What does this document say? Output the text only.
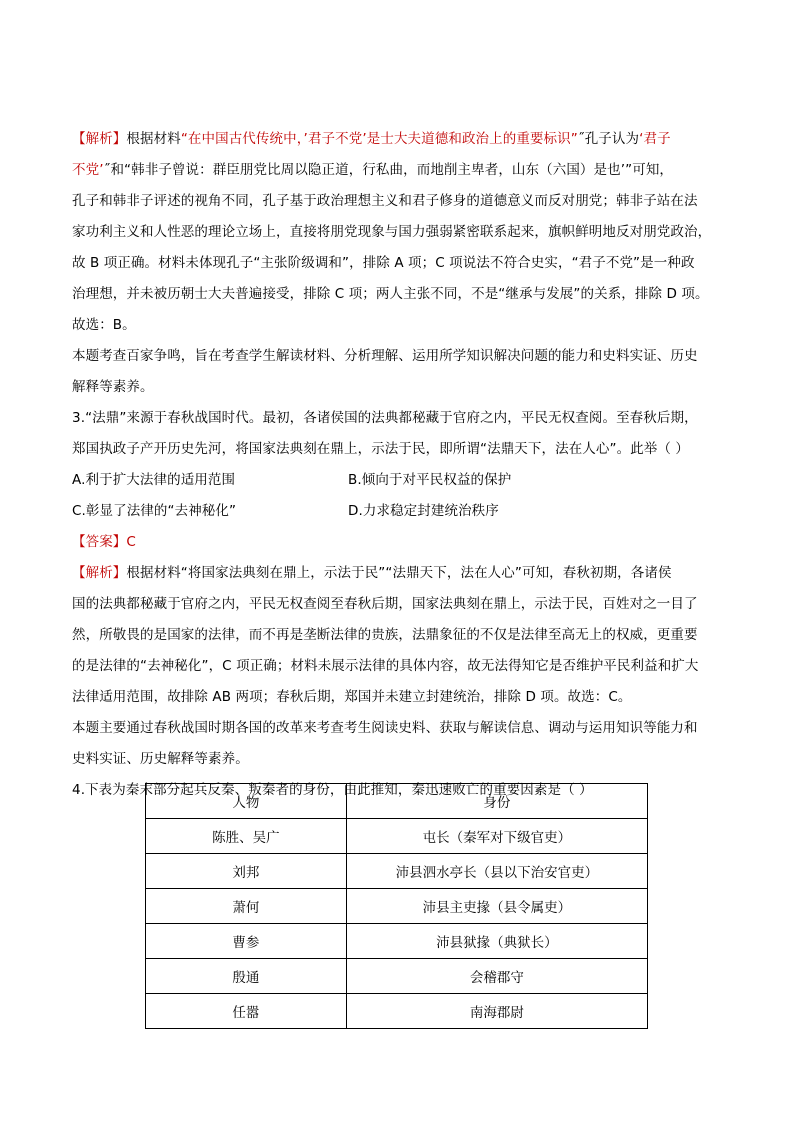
【解析】根据材料“在中国古代传统中，’君子不党’是士大夫道德和政治上的重要标识”˝孔子认为‘君子
不党’˝和“韩非子曾说：群臣朋党比周以隐正道，行私曲，而地削主卑者，山东（六国）是也’”可知，
孔子和韩非子评述的视角不同，孔子基于政治理想主义和君子修身的道德意义而反对朋党；韩非子站在法
家功利主义和人性恶的理论立场上，直接将朋党现象与国力强弱紧密联系起来，旗帜鲜明地反对朋党政治，
故 B 项正确。材料未体现孔子“主张阶级调和”，排除 A 项；C 项说法不符合史实，“君子不党”是一种政
治理想，并未被历朝士大夫普遍接受，排除 C 项；两人主张不同，不是“继承与发展”的关系，排除 D 项。
故选：B。
本题考查百家争鸣，旨在考查学生解读材料、分析理解、运用所学知识解决问题的能力和史料实证、历史
解释等素养。
3.“法鼎”来源于春秋战国时代。最初，各诸侯国的法典都秘藏于官府之内，平民无权查阅。至春秋后期，
郑国执政子产开历史先河，将国家法典刻在鼎上，示法于民，即所谓“法鼎天下，法在人心”。此举（ ）
A.利于扩大法律的适用范围	B.倾向于对平民权益的保护
C.彰显了法律的“去神秘化”	D.力求稳定封建统治秩序
【答案】C
【解析】根据材料“将国家法典刻在鼎上，示法于民”“法鼎天下，法在人心”可知，春秋初期，各诸侯
国的法典都秘藏于官府之内，平民无权查阅至春秋后期，国家法典刻在鼎上，示法于民，百姓对之一目了
然，所敬畏的是国家的法律，而不再是垄断法律的贵族，法鼎象征的不仅是法律至高无上的权威，更重要
的是法律的“去神秘化”，C 项正确；材料未展示法律的具体内容，故无法得知它是否维护平民利益和扩大
法律适用范围，故排除 AB 两项；春秋后期，郑国并未建立封建统治，排除 D 项。故选：C。
本题主要通过春秋战国时期各国的改革来考查考生阅读史料、获取与解读信息、调动与运用知识等能力和
史料实证、历史解释等素养。
4.下表为秦末部分起兵反秦、叛秦者的身份，由此推知，秦迅速败亡的重要因素是（ ）
人物	身份
陈胜、吴广	屯长（秦军对下级官吏）
刘邦	沛县泗水亭长（县以下治安官吏）
萧何	沛县主吏掾（县令属吏）
曹参	沛县狱掾（典狱长）
殷通	会稽郡守
任嚣	南海郡尉
